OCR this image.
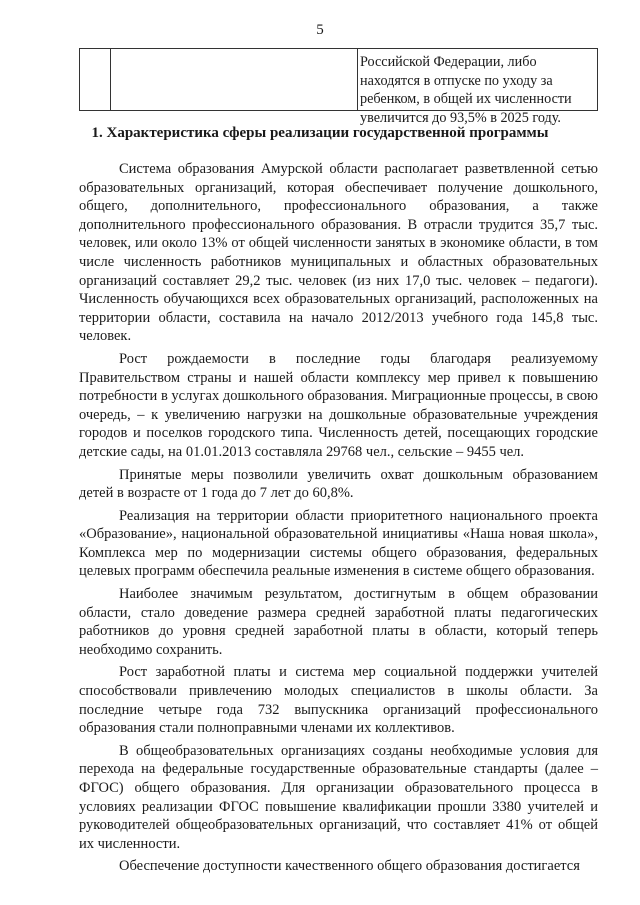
5
Российской Федерации, либо находятся в отпуске по уходу за ребенком, в общей их численности увеличится до 93,5% в 2025 году.
1. Характеристика сферы реализации государственной программы

Система образования Амурской области располагает разветвленной сетью образовательных организаций, которая обеспечивает получение дошкольного, общего, дополнительного, профессионального образования, а также дополнительного профессионального образования. В отрасли трудится 35,7 тыс. человек, или около 13% от общей численности занятых в экономике области, в том числе численность работников муниципальных и областных образовательных организаций составляет 29,2 тыс. человек (из них 17,0 тыс. человек – педагоги). Численность обучающихся всех образовательных организаций, расположенных на территории области, составила на начало 2012/2013 учебного года 145,8 тыс. человек.

Рост рождаемости в последние годы благодаря реализуемому Правительством страны и нашей области комплексу мер привел к повышению потребности в услугах дошкольного образования. Миграционные процессы, в свою очередь, – к увеличению нагрузки на дошкольные образовательные учреждения городов и поселков городского типа. Численность детей, посещающих городские детские сады, на 01.01.2013 составляла 29768 чел., сельские – 9455 чел.

Принятые меры позволили увеличить охват дошкольным образованием детей в возрасте от 1 года до 7 лет до 60,8%.

Реализация на территории области приоритетного национального проекта «Образование», национальной образовательной инициативы «Наша новая школа», Комплекса мер по модернизации системы общего образования, федеральных целевых программ обеспечила реальные изменения в системе общего образования.

Наиболее значимым результатом, достигнутым в общем образовании области, стало доведение размера средней заработной платы педагогических работников до уровня средней заработной платы в области, который теперь необходимо сохранить.

Рост заработной платы и система мер социальной поддержки учителей способствовали привлечению молодых специалистов в школы области. За последние четыре года 732 выпускника организаций профессионального образования стали полноправными членами их коллективов.

В общеобразовательных организациях созданы необходимые условия для перехода на федеральные государственные образовательные стандарты (далее – ФГОС) общего образования. Для организации образовательного процесса в условиях реализации ФГОС повышение квалификации прошли 3380 учителей и руководителей общеобразовательных организаций, что составляет 41% от общей их численности.

Обеспечение доступности качественного общего образования достигается
